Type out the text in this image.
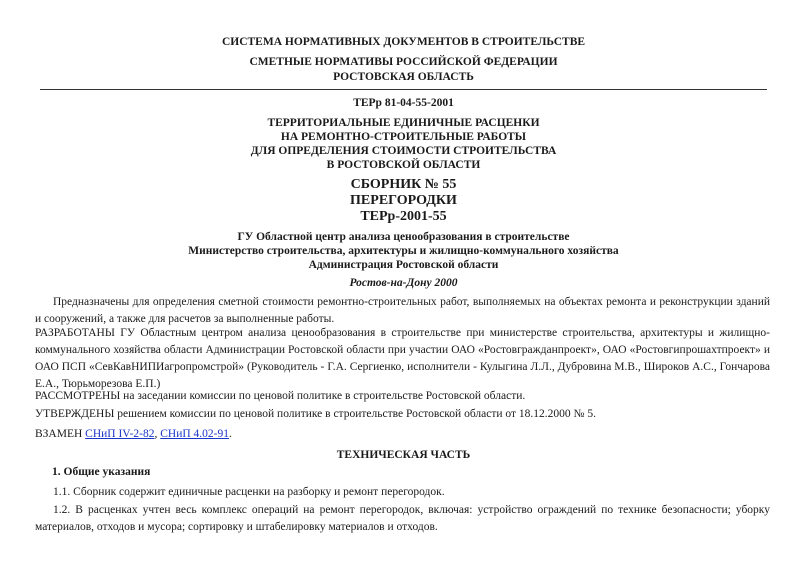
СИСТЕМА НОРМАТИВНЫХ ДОКУМЕНТОВ В СТРОИТЕЛЬСТВЕ
СМЕТНЫЕ НОРМАТИВЫ РОССИЙСКОЙ ФЕДЕРАЦИИ
РОСТОВСКАЯ ОБЛАСТЬ
ТЕРр 81-04-55-2001
ТЕРРИТОРИАЛЬНЫЕ ЕДИНИЧНЫЕ РАСЦЕНКИ
НА РЕМОНТНО-СТРОИТЕЛЬНЫЕ РАБОТЫ
ДЛЯ ОПРЕДЕЛЕНИЯ СТОИМОСТИ СТРОИТЕЛЬСТВА
В РОСТОВСКОЙ ОБЛАСТИ
СБОРНИК № 55
ПЕРЕГОРОДКИ
ТЕРр-2001-55
ГУ Областной центр анализа ценообразования в строительстве
Министерство строительства, архитектуры и жилищно-коммунального хозяйства
Администрация Ростовской области
Ростов-на-Дону 2000
Предназначены для определения сметной стоимости ремонтно-строительных работ, выполняемых на объектах ремонта и реконструкции зданий и сооружений, а также для расчетов за выполненные работы.
РАЗРАБОТАНЫ ГУ Областным центром анализа ценообразования в строительстве при министерстве строительства, архитектуры и жилищно-коммунального хозяйства области Администрации Ростовской области при участии ОАО «Ростовгражданпроект», ОАО «Ростовгипрошахтпроект» и ОАО ПСП «СевКавНИПИагропромстрой» (Руководитель - Г.А. Сергиенко, исполнители - Кулыгина Л.Л., Дубровина М.В., Широков А.С., Гончарова Е.А., Тюрьморезова Е.П.)
РАССМОТРЕНЫ на заседании комиссии по ценовой политике в строительстве Ростовской области.
УТВЕРЖДЕНЫ решением комиссии по ценовой политике в строительстве Ростовской области от 18.12.2000 № 5.
ВЗАМЕН СНиП IV-2-82, СНиП 4.02-91.
ТЕХНИЧЕСКАЯ ЧАСТЬ
1. Общие указания
1.1. Сборник содержит единичные расценки на разборку и ремонт перегородок.
1.2. В расценках учтен весь комплекс операций на ремонт перегородок, включая: устройство ограждений по технике безопасности; уборку материалов, отходов и мусора; сортировку и штабелировку материалов и отходов.
